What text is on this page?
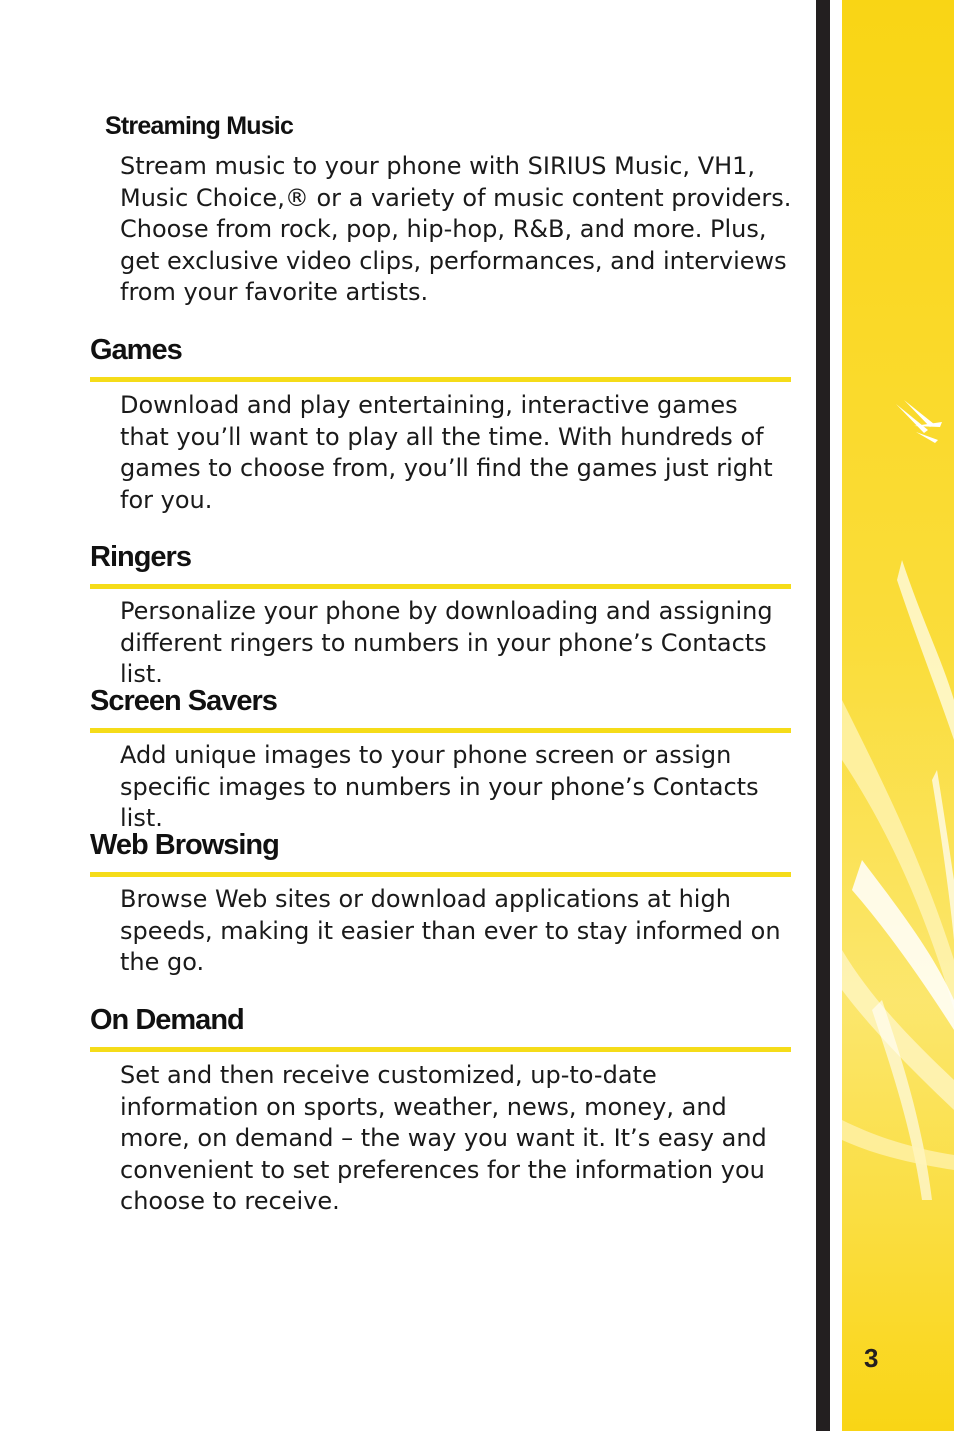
Streaming Music

Stream music to your phone with SIRIUS Music, VH1,
Music Choice,® or a variety of music content providers.
Choose from rock, pop, hip-hop, R&B, and more. Plus,
get exclusive video clips, performances, and interviews
from your favorite artists.

Games

Download and play entertaining, interactive games
that you’ll want to play all the time. With hundreds of
games to choose from, you’ll find the games just right
for you.

Ringers

Personalize your phone by downloading and assigning
different ringers to numbers in your phone’s Contacts list.

Screen Savers

Add unique images to your phone screen or assign
specific images to numbers in your phone’s Contacts list.

Web Browsing

Browse Web sites or download applications at high
speeds, making it easier than ever to stay informed on
the go.

On Demand

Set and then receive customized, up-to-date
information on sports, weather, news, money, and
more, on demand – the way you want it. It’s easy and
convenient to set preferences for the information you
choose to receive.

3
